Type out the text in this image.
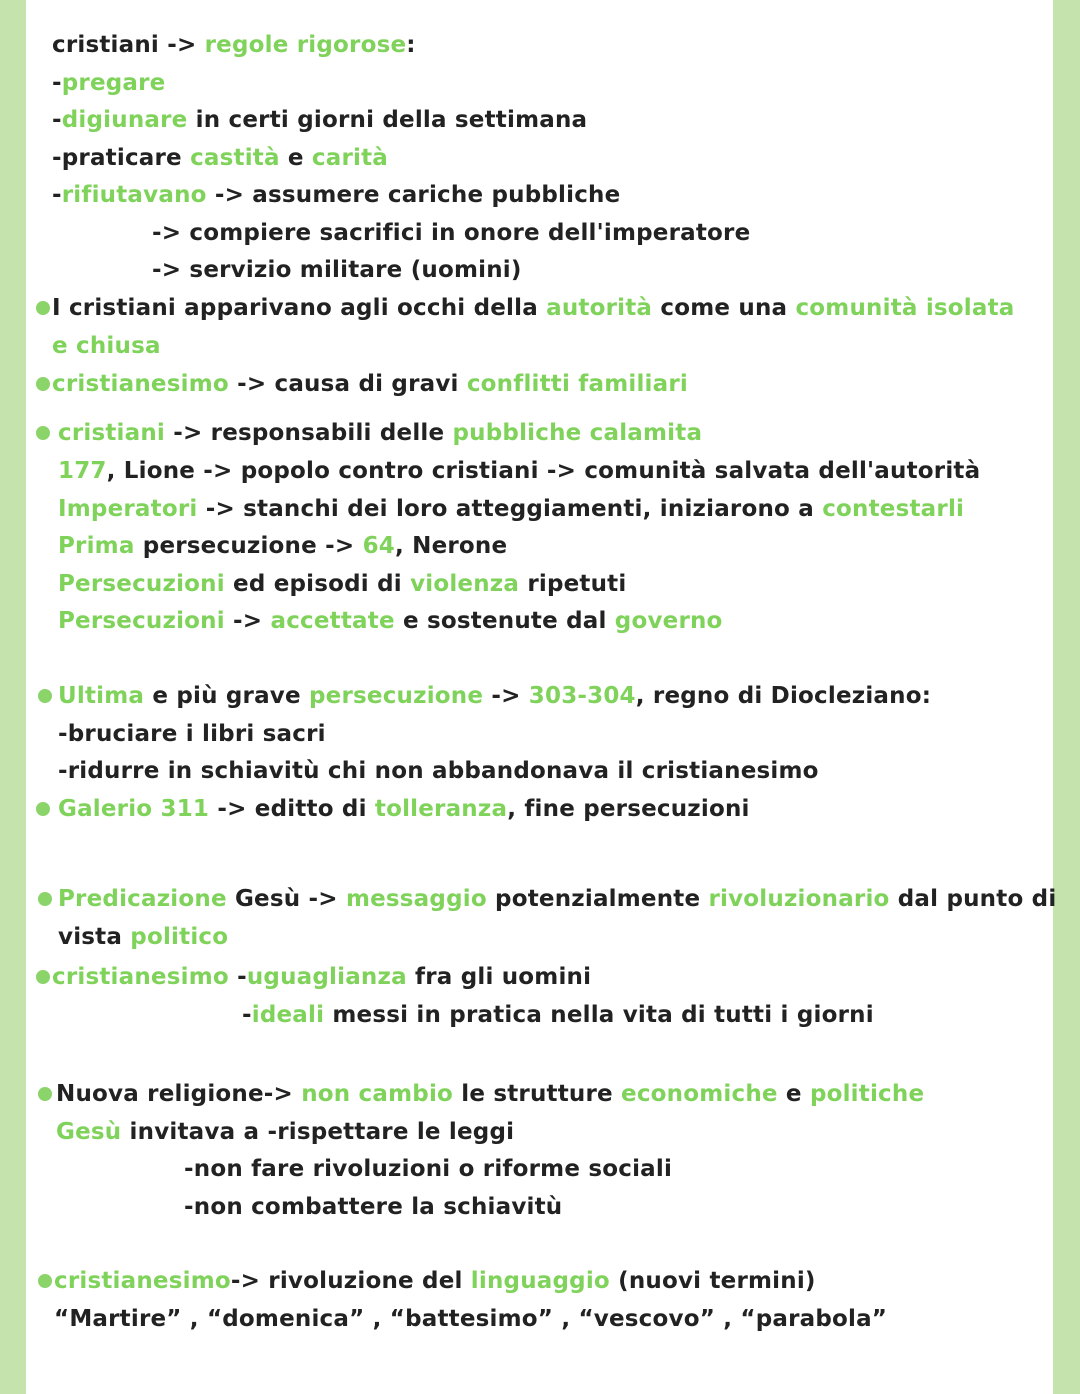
cristiani -> regole rigorose:
-pregare
-digiunare in certi giorni della settimana
-praticare castità e carità
-rifiutavano -> assumere cariche pubbliche
-> compiere sacrifici in onore dell'imperatore
-> servizio militare (uomini)
I cristiani apparivano agli occhi della autorità come una comunità isolata
e chiusa
cristianesimo -> causa di gravi conflitti familiari
cristiani -> responsabili delle pubbliche calamita
177, Lione -> popolo contro cristiani -> comunità salvata dell'autorità
Imperatori -> stanchi dei loro atteggiamenti, iniziarono a contestarli
Prima persecuzione -> 64, Nerone
Persecuzioni ed episodi di violenza ripetuti
Persecuzioni -> accettate e sostenute dal governo
Ultima e più grave persecuzione -> 303-304, regno di Diocleziano:
-bruciare i libri sacri
-ridurre in schiavitù chi non abbandonava il cristianesimo
Galerio 311 -> editto di tolleranza, fine persecuzioni
Predicazione Gesù -> messaggio potenzialmente rivoluzionario dal punto di
vista politico
cristianesimo -uguaglianza fra gli uomini
-ideali messi in pratica nella vita di tutti i giorni
Nuova religione-> non cambio le strutture economiche e politiche
Gesù invitava a -rispettare le leggi
-non fare rivoluzioni o riforme sociali
-non combattere la schiavitù
cristianesimo-> rivoluzione del linguaggio (nuovi termini)
“Martire” , “domenica” , “battesimo” , “vescovo” , “parabola”
